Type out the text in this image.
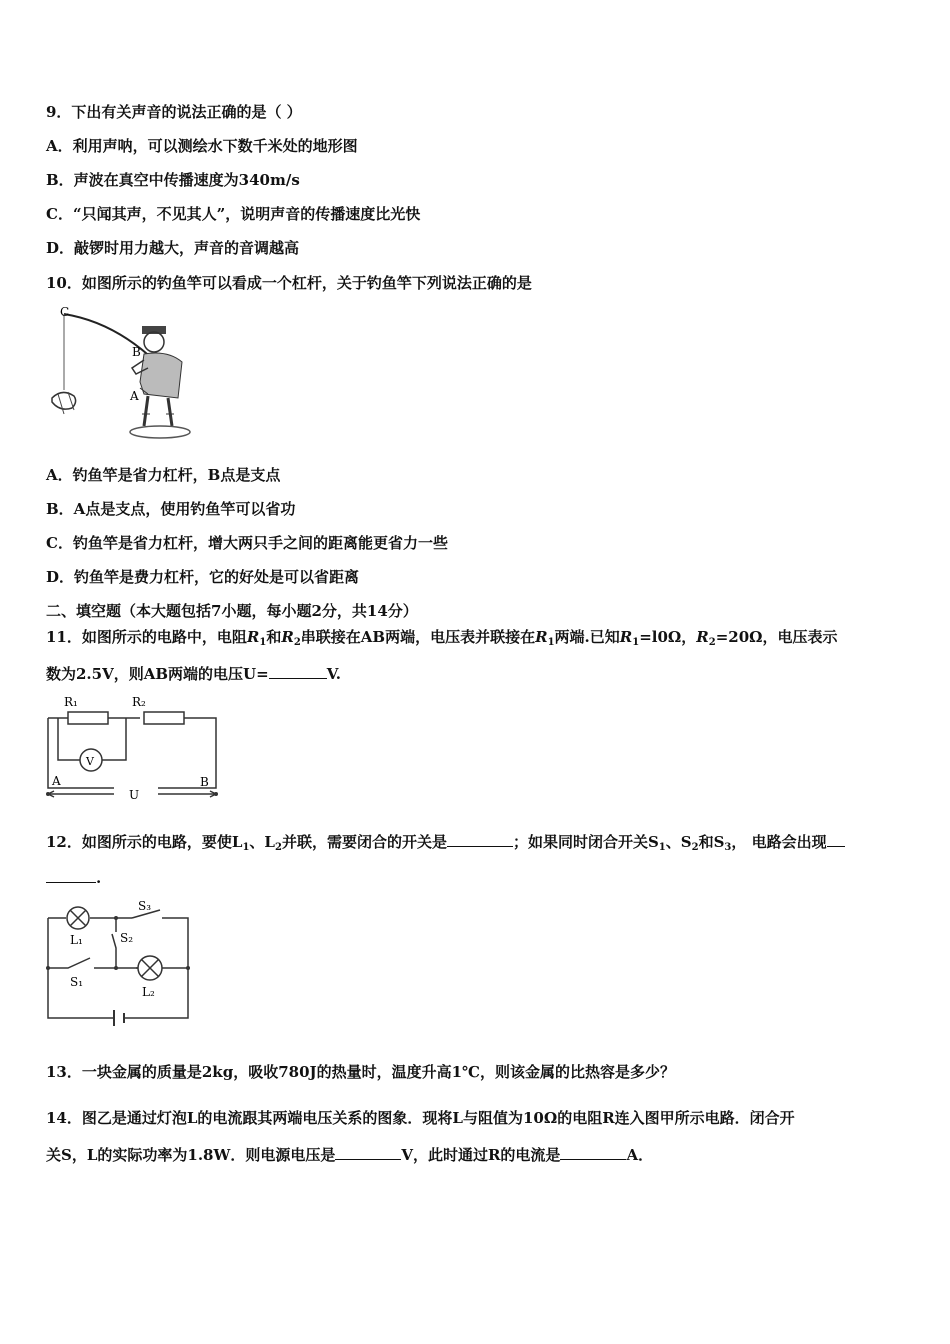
9．下出有关声音的说法正确的是（ ）
A．利用声呐，可以测绘水下数千米处的地形图
B．声波在真空中传播速度为340m/s
C．“只闻其声，不见其人”，说明声音的传播速度比光快
D．敲锣时用力越大，声音的音调越高
10．如图所示的钓鱼竿可以看成一个杠杆，关于钓鱼竿下列说法正确的是
C
B
A
A．钓鱼竿是省力杠杆，B点是支点
B．A点是支点，使用钓鱼竿可以省功
C．钓鱼竿是省力杠杆，增大两只手之间的距离能更省力一些
D．钓鱼竿是费力杠杆，它的好处是可以省距离
二、填空题（本大题包括7小题，每小题2分，共14分）
11．如图所示的电路中，电阻$R_1$和$R_2$串联接在AB两端，电压表并联接在$R_1$两端.已知$R_1=l0\Omega$，$R_2=20\Omega$，电压表示
数为2.5V，则AB两端的电压U=	V.
R₁	R₂
V
A	B
U
12．如图所示的电路，要使$L_1$、$L_2$并联，需要闭合的开关是	；如果同时闭合开关$S_1$、$S_2$和$S_3$， 电路会出现
.
S₃
S₂
S₁
L₁
L₂
13．一块金属的质量是2kg，吸收780J的热量时，温度升高1℃，则该金属的比热容是多少？
14．图乙是通过灯泡L的电流跟其两端电压关系的图象．现将L与阻值为10Ω的电阻R连入图甲所示电路．闭合开
关S，L的实际功率为1.8W．则电源电压是	V，此时通过R的电流是	A．
